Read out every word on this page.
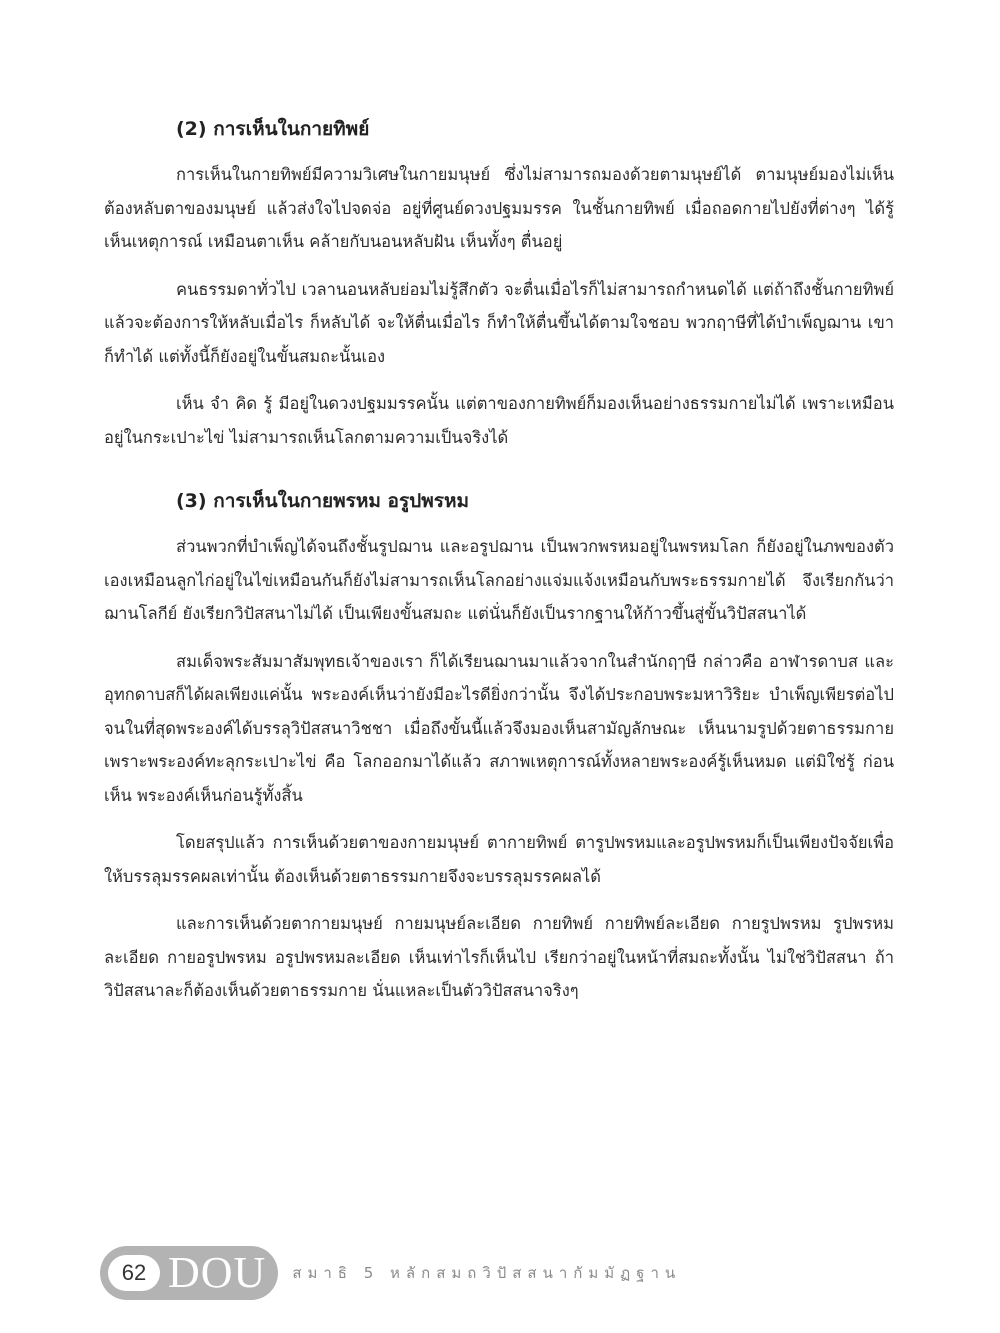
(2) การเห็นในกายทิพย์

การเห็นในกายทิพย์มีความวิเศษในกายมนุษย์ ซึ่งไม่สามารถมองด้วยตามนุษย์ได้ ตามนุษย์มองไม่เห็น ต้องหลับตาของมนุษย์ แล้วส่งใจไปจดจ่อ อยู่ที่ศูนย์ดวงปฐมมรรค ในชั้นกายทิพย์ เมื่อถอดกายไปยังที่ต่างๆ ได้รู้เห็นเหตุการณ์ เหมือนตาเห็น คล้ายกับนอนหลับฝัน เห็นทั้งๆ ตื่นอยู่

คนธรรมดาทั่วไป เวลานอนหลับย่อมไม่รู้สึกตัว จะตื่นเมื่อไรก็ไม่สามารถกำหนดได้ แต่ถ้าถึงชั้นกายทิพย์แล้วจะต้องการให้หลับเมื่อไร ก็หลับได้ จะให้ตื่นเมื่อไร ก็ทำให้ตื่นขึ้นได้ตามใจชอบ พวกฤาษีที่ได้บำเพ็ญฌาน เขาก็ทำได้ แต่ทั้งนี้ก็ยังอยู่ในขั้นสมถะนั้นเอง

เห็น จำ คิด รู้ มีอยู่ในดวงปฐมมรรคนั้น แต่ตาของกายทิพย์ก็มองเห็นอย่างธรรมกายไม่ได้ เพราะเหมือนอยู่ในกระเปาะไข่ ไม่สามารถเห็นโลกตามความเป็นจริงได้

(3) การเห็นในกายพรหม อรูปพรหม

ส่วนพวกที่บำเพ็ญได้จนถึงชั้นรูปฌาน และอรูปฌาน เป็นพวกพรหมอยู่ในพรหมโลก ก็ยังอยู่ในภพของตัวเองเหมือนลูกไก่อยู่ในไข่เหมือนกันก็ยังไม่สามารถเห็นโลกอย่างแจ่มแจ้งเหมือนกับพระธรรมกายได้ จึงเรียกกันว่า ฌานโลกีย์ ยังเรียกวิปัสสนาไม่ได้ เป็นเพียงขั้นสมถะ แต่นั่นก็ยังเป็นรากฐานให้ก้าวขึ้นสู่ขั้นวิปัสสนาได้

สมเด็จพระสัมมาสัมพุทธเจ้าของเรา ก็ได้เรียนฌานมาแล้วจากในสำนักฤๅษี กล่าวคือ อาฬารดาบส และอุทกดาบสก็ได้ผลเพียงแค่นั้น พระองค์เห็นว่ายังมีอะไรดียิ่งกว่านั้น จึงได้ประกอบพระมหาวิริยะ บำเพ็ญเพียรต่อไป จนในที่สุดพระองค์ได้บรรลุวิปัสสนาวิชชา เมื่อถึงขั้นนี้แล้วจึงมองเห็นสามัญลักษณะ เห็นนามรูปด้วยตาธรรมกาย เพราะพระองค์ทะลุกระเปาะไข่ คือ โลกออกมาได้แล้ว สภาพเหตุการณ์ทั้งหลายพระองค์รู้เห็นหมด แต่มิใช่รู้ ก่อน เห็น พระองค์เห็นก่อนรู้ทั้งสิ้น

โดยสรุปแล้ว การเห็นด้วยตาของกายมนุษย์ ตากายทิพย์ ตารูปพรหมและอรูปพรหมก็เป็นเพียงปัจจัยเพื่อให้บรรลุมรรคผลเท่านั้น ต้องเห็นด้วยตาธรรมกายจึงจะบรรลุมรรคผลได้

และการเห็นด้วยตากายมนุษย์ กายมนุษย์ละเอียด กายทิพย์ กายทิพย์ละเอียด กายรูปพรหม รูปพรหมละเอียด กายอรูปพรหม อรูปพรหมละเอียด เห็นเท่าไรก็เห็นไป เรียกว่าอยู่ในหน้าที่สมถะทั้งนั้น ไม่ใช่วิปัสสนา ถ้าวิปัสสนาละก็ต้องเห็นด้วยตาธรรมกาย นั่นแหละเป็นตัววิปัสสนาจริงๆ

62 DOU สมาธิ 5 หลักสมถวิปัสสนากัมมัฏฐาน
